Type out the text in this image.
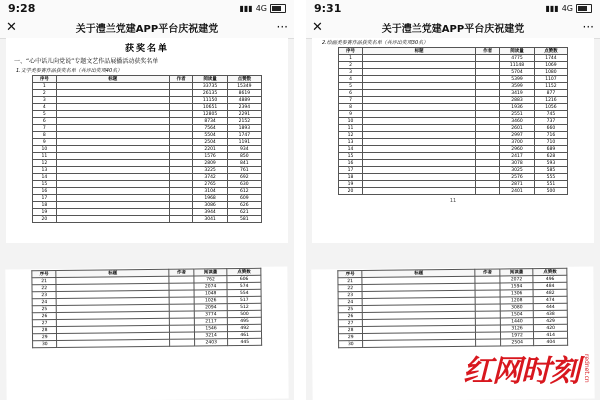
9:28	▮▮▮ 4G
✕	关于澧兰党建APP平台庆祝建党	···
获奖名单
一、“心中话儿向党说”专题文艺作品展播活动获奖名单
1.文学类参赛作品获奖名单（共评出奖项40名）
序号	标题	作者	阅读量	点赞数
1			33735	15349
2			26135	8619
3			11150	4889
4			10651	2394
5			12805	2291
6			8734	2152
7			7564	1893
8			5504	1747
9			2504	1191
10			2201	934
11			1576	850
12			2809	841
13			3225	761
14			3742	692
15			2765	630
16			3104	612
17			1968	609
18			3086	626
19			3944	621
20			3041	581
序号	标题	作者	阅读量	点赞数
21			762	606
22			2074	574
23			1048	554
24			1026	517
25			2094	512
26			3774	500
27			2117	495
28			1546	492
29			3214	461
30			2403	445
9:31	▮▮▮ 4G
✕	关于澧兰党建APP平台庆祝建党	···
2.绘画类参赛作品获奖名单（共评出奖项30名）
序号	标题	作者	阅读量	点赞数
1			4775	1744
2			11148	1069
3			5704	1080
4			5399	1107
5			3599	1152
6			3419	877
7			2883	1216
8			1936	1056
9			2551	745
10			3460	737
11			2601	660
12			2997	716
13			3700	710
14			2960	689
15			2417	628
16			3078	593
17			3025	585
18			2576	555
19			2871	551
20			2401	500
11
序号	标题	作者	阅读量	点赞数
21			2072	496
22			1594	484
23			1306	482
24			1208	474
25			3080	444
26			1504	438
27			1440	429
28			3126	420
29			1972	414
30			2504	404
红网时刻 rednet.cn
